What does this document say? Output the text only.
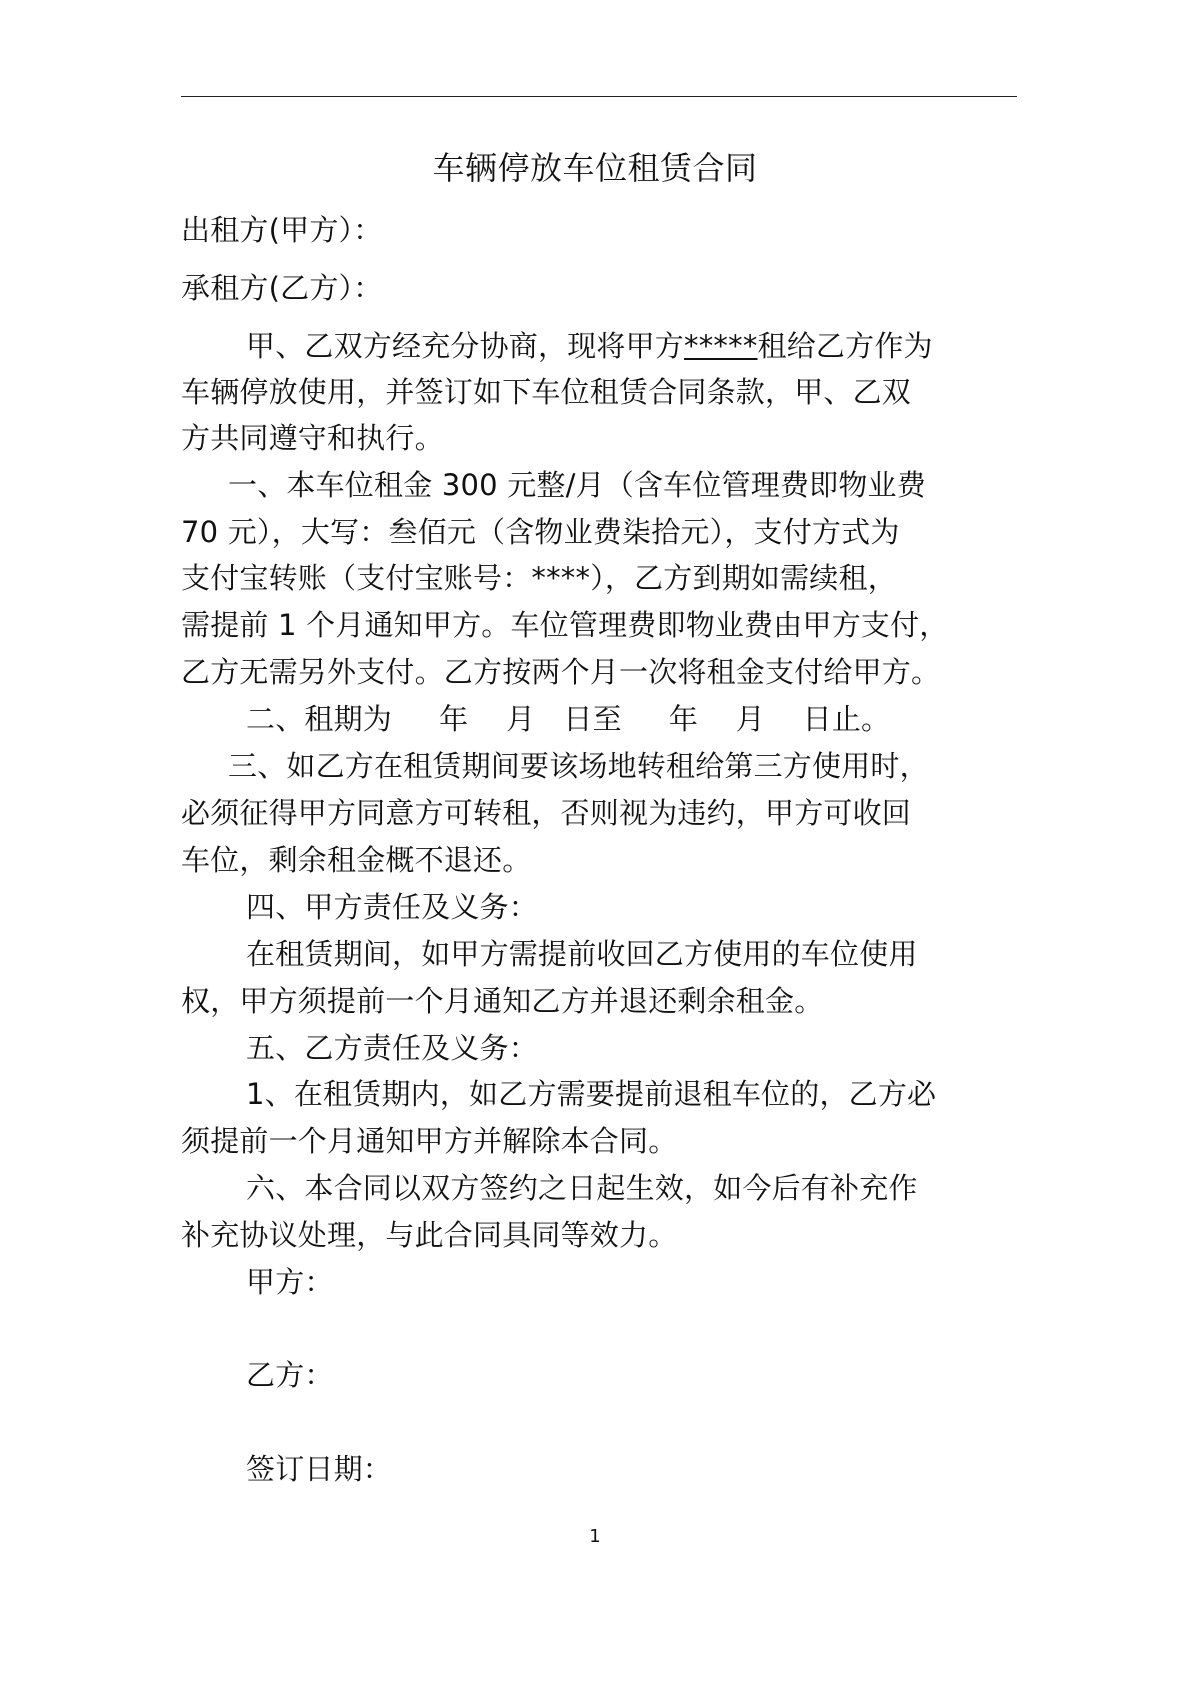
车辆停放车位租赁合同
出租方(甲方）：
承租方(乙方）：
甲、乙双方经充分协商，现将甲方*****租给乙方作为
车辆停放使用，并签订如下车位租赁合同条款，甲、乙双
方共同遵守和执行。
一、本车位租金 300 元整/月（含车位管理费即物业费
70 元），大写：叁佰元（含物业费柒拾元），支付方式为
支付宝转账（支付宝账号：****），乙方到期如需续租，
需提前 1 个月通知甲方。车位管理费即物业费由甲方支付，
乙方无需另外支付。乙方按两个月一次将租金支付给甲方。
二、租期为     年    月   日至     年    月    日止。
三、如乙方在租赁期间要该场地转租给第三方使用时，
必须征得甲方同意方可转租，否则视为违约，甲方可收回
车位，剩余租金概不退还。
四、甲方责任及义务：
在租赁期间，如甲方需提前收回乙方使用的车位使用
权，甲方须提前一个月通知乙方并退还剩余租金。
五、乙方责任及义务：
1、在租赁期内，如乙方需要提前退租车位的，乙方必
须提前一个月通知甲方并解除本合同。
六、本合同以双方签约之日起生效，如今后有补充作
补充协议处理，与此合同具同等效力。
甲方：
乙方：
签订日期：
1
